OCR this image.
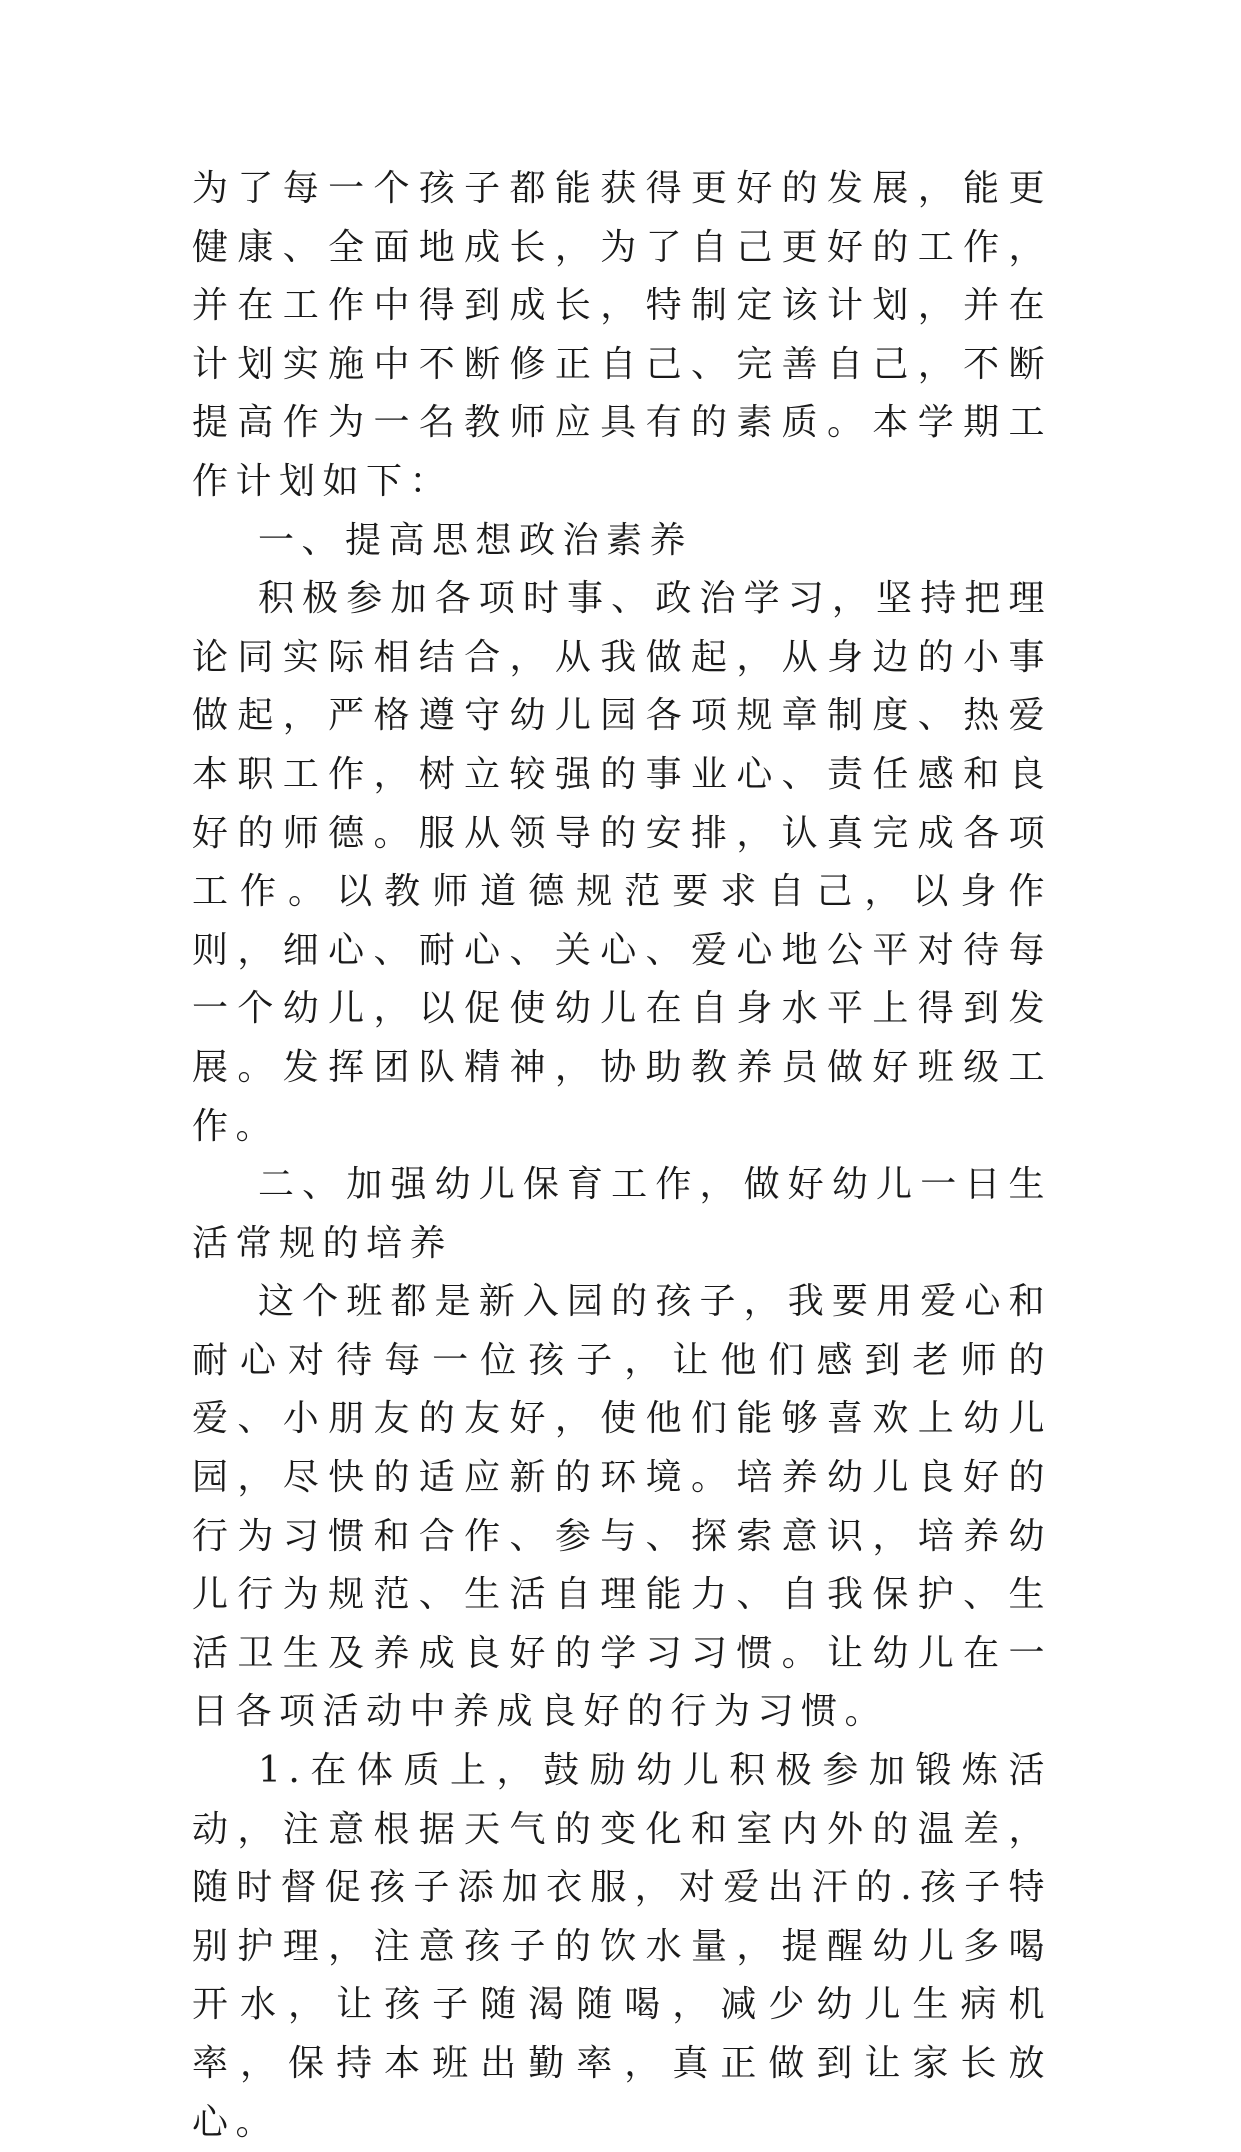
为了每一个孩子都能获得更好的发展，能更健康、全面地成长，为了自己更好的工作，并在工作中得到成长，特制定该计划，并在计划实施中不断修正自己、完善自己，不断提高作为一名教师应具有的素质。本学期工作计划如下：

一、提高思想政治素养

积极参加各项时事、政治学习，坚持把理论同实际相结合，从我做起，从身边的小事做起，严格遵守幼儿园各项规章制度、热爱本职工作，树立较强的事业心、责任感和良好的师德。服从领导的安排，认真完成各项工作。以教师道德规范要求自己，以身作则，细心、耐心、关心、爱心地公平对待每一个幼儿，以促使幼儿在自身水平上得到发展。发挥团队精神，协助教养员做好班级工作。

二、加强幼儿保育工作，做好幼儿一日生活常规的培养

这个班都是新入园的孩子，我要用爱心和耐心对待每一位孩子，让他们感到老师的爱、小朋友的友好，使他们能够喜欢上幼儿园，尽快的适应新的环境。培养幼儿良好的行为习惯和合作、参与、探索意识，培养幼儿行为规范、生活自理能力、自我保护、生活卫生及养成良好的学习习惯。让幼儿在一日各项活动中养成良好的行为习惯。

1.在体质上，鼓励幼儿积极参加锻炼活动，注意根据天气的变化和室内外的温差，随时督促孩子添加衣服，对爱出汗的.孩子特别护理，注意孩子的饮水量，提醒幼儿多喝开水，让孩子随渴随喝，减少幼儿生病机率，保持本班出勤率，真正做到让家长放心。
